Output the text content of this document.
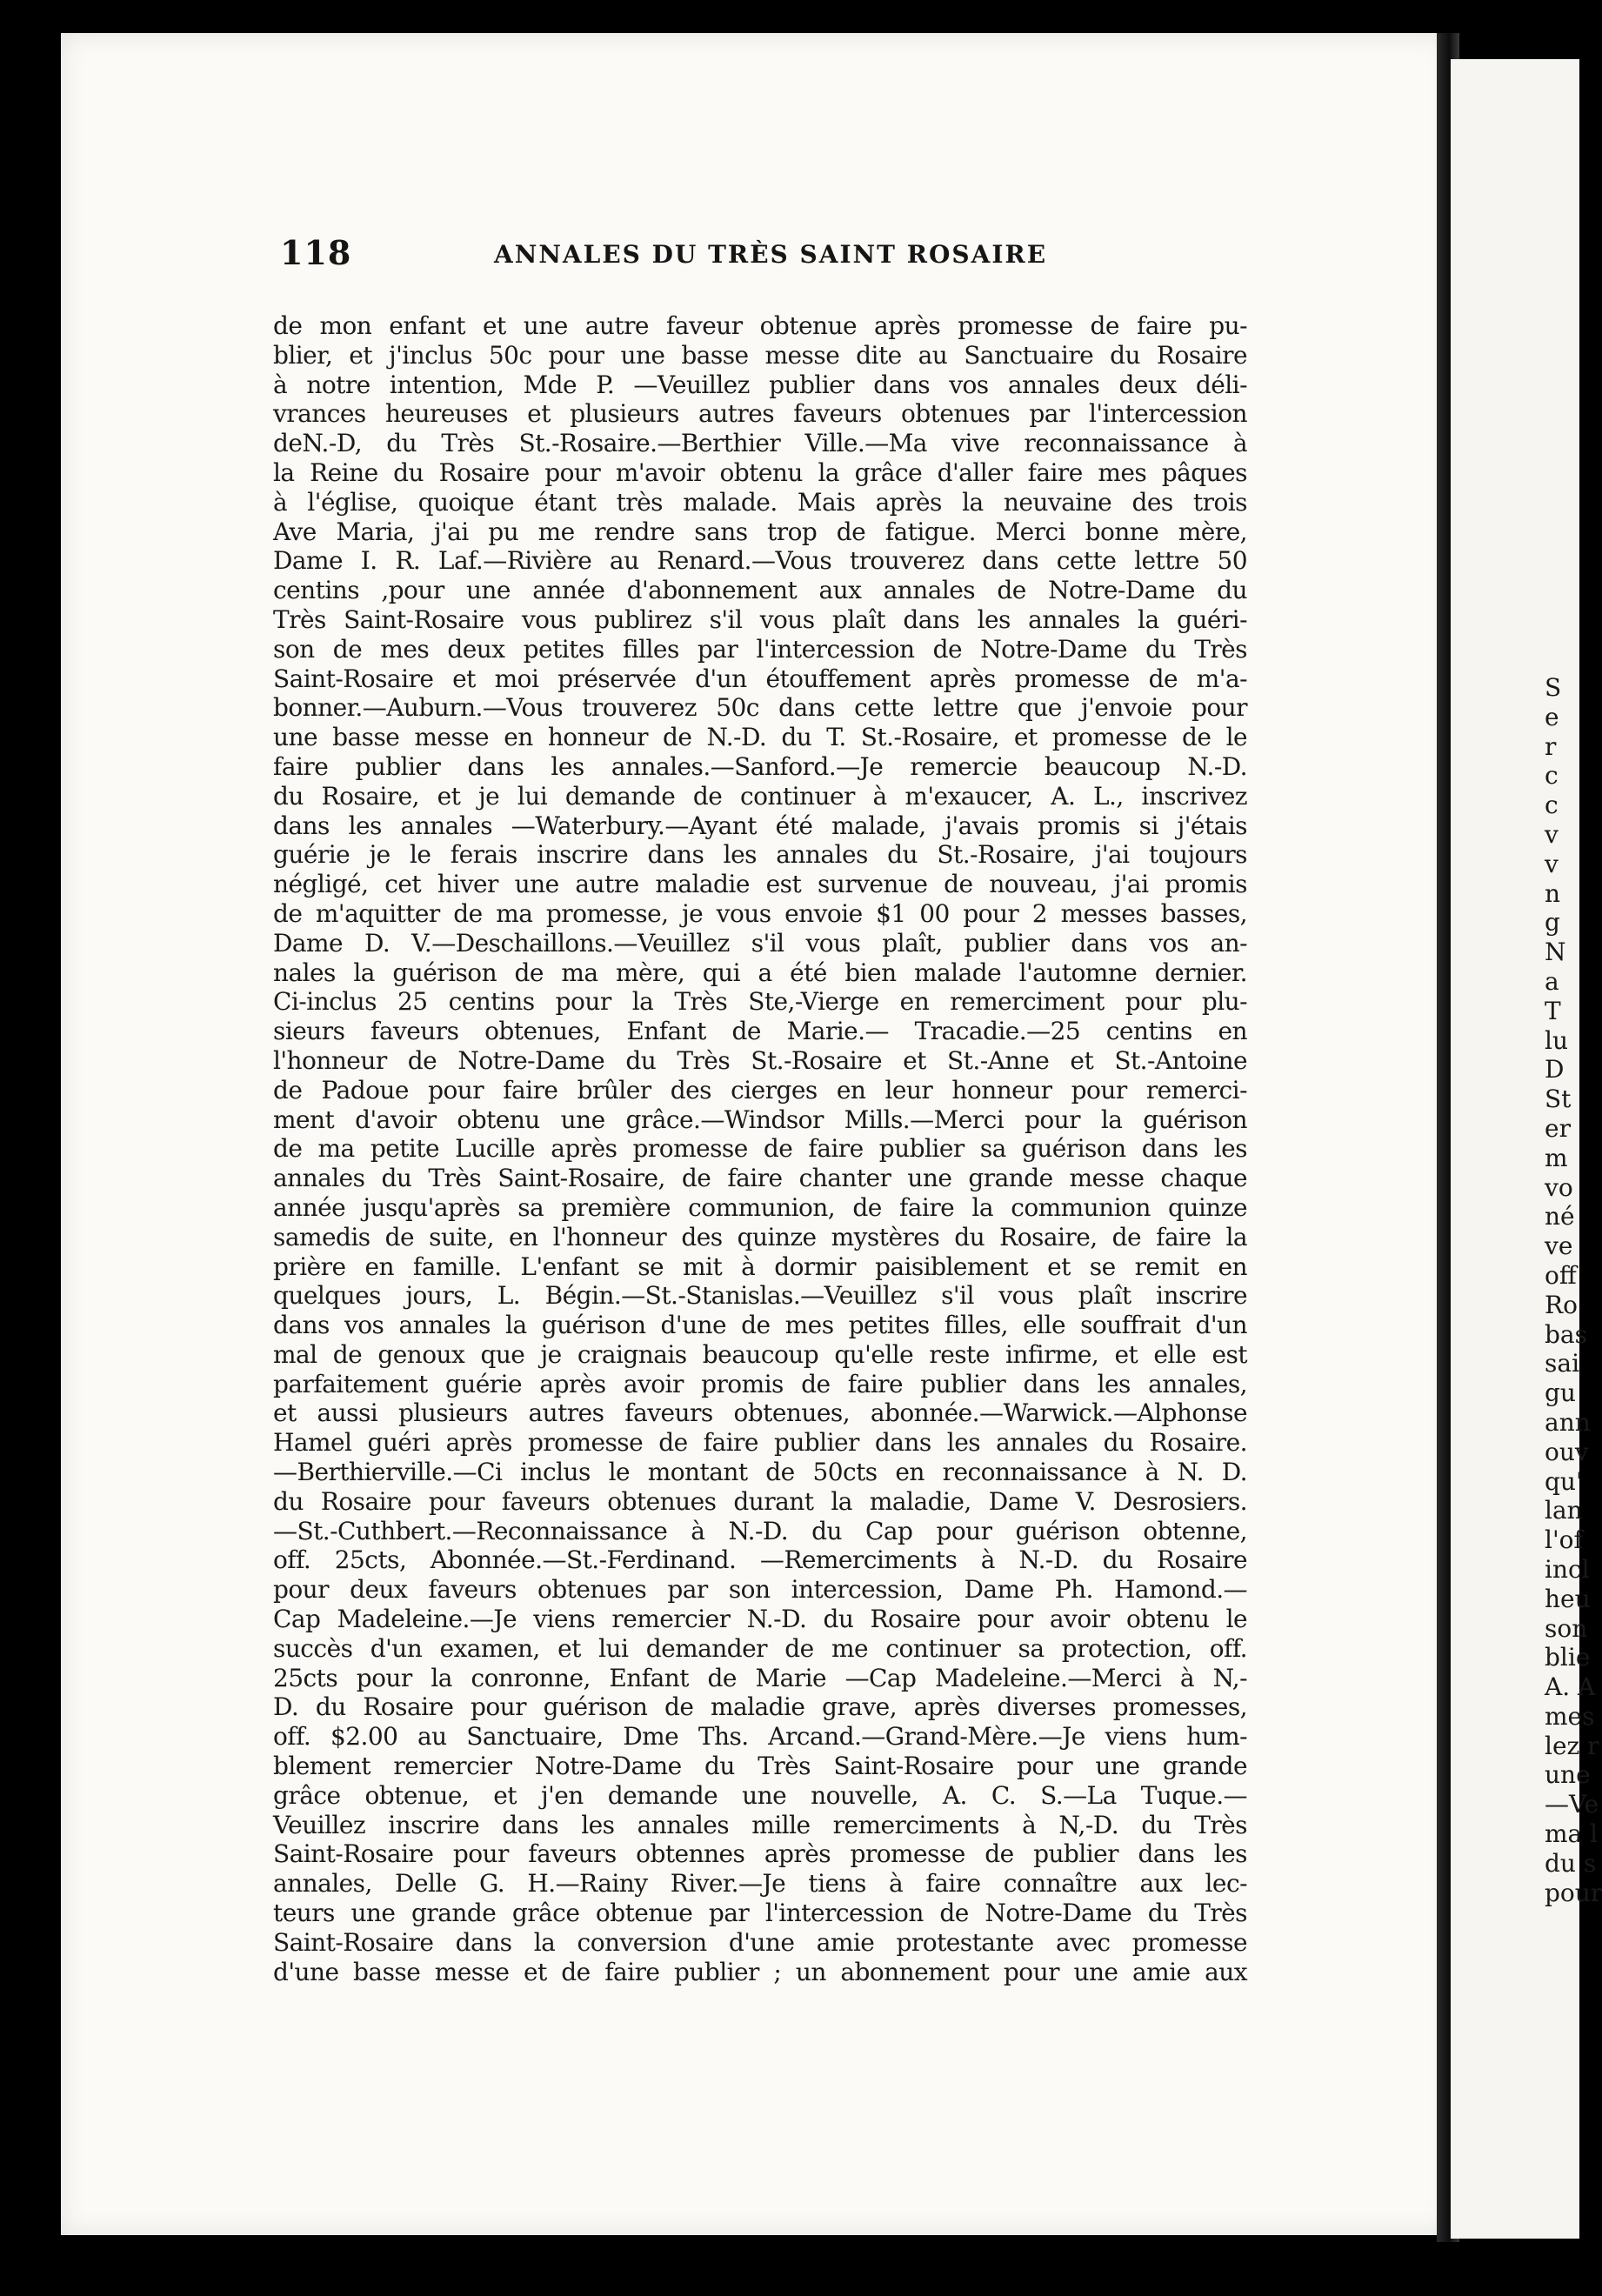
S
e
r
c
c
v
v
n
g
N
a
T
lu
D
St
er
m
vo
né
ve
off
Ro
bas
sai
gu
ann
ouv
qu'
lan
l'of
incl
heu
son
blie
A. A
mes
lez r
une
—Ve
ma l
du s
pour
118	ANNALES DU TRÈS SAINT ROSAIRE
de mon enfant et une autre faveur obtenue après promesse de faire pu-
blier, et j'inclus 50c pour une basse messe dite au Sanctuaire du Rosaire
à notre intention, Mde P. —Veuillez publier dans vos annales deux déli-
vrances heureuses et plusieurs autres faveurs obtenues par l'intercession
deN.-D, du Très St.-Rosaire.—Berthier Ville.—Ma vive reconnaissance à
la Reine du Rosaire pour m'avoir obtenu la grâce d'aller faire mes pâques
à l'église, quoique étant très malade. Mais après la neuvaine des trois
Ave Maria, j'ai pu me rendre sans trop de fatigue. Merci bonne mère,
Dame I. R. Laf.—Rivière au Renard.—Vous trouverez dans cette lettre 50
centins ,pour une année d'abonnement aux annales de Notre-Dame du
Très Saint-Rosaire vous publirez s'il vous plaît dans les annales la guéri-
son de mes deux petites filles par l'intercession de Notre-Dame du Très
Saint-Rosaire et moi préservée d'un étouffement après promesse de m'a-
bonner.—Auburn.—Vous trouverez 50c dans cette lettre que j'envoie pour
une basse messe en honneur de N.-D. du T. St.-Rosaire, et promesse de le
faire publier dans les annales.—Sanford.—Je remercie beaucoup N.-D.
du Rosaire, et je lui demande de continuer à m'exaucer, A. L., inscrivez
dans les annales —Waterbury.—Ayant été malade, j'avais promis si j'étais
guérie je le ferais inscrire dans les annales du St.-Rosaire, j'ai toujours
négligé, cet hiver une autre maladie est survenue de nouveau, j'ai promis
de m'aquitter de ma promesse, je vous envoie $1 00 pour 2 messes basses,
Dame D. V.—Deschaillons.—Veuillez s'il vous plaît, publier dans vos an-
nales la guérison de ma mère, qui a été bien malade l'automne dernier.
Ci-inclus 25 centins pour la Très Ste,-Vierge en remerciment pour plu-
sieurs faveurs obtenues, Enfant de Marie.— Tracadie.—25 centins en
l'honneur de Notre-Dame du Très St.-Rosaire et St.-Anne et St.-Antoine
de Padoue pour faire brûler des cierges en leur honneur pour remerci-
ment d'avoir obtenu une grâce.—Windsor Mills.—Merci pour la guérison
de ma petite Lucille après promesse de faire publier sa guérison dans les
annales du Très Saint-Rosaire, de faire chanter une grande messe chaque
année jusqu'après sa première communion, de faire la communion quinze
samedis de suite, en l'honneur des quinze mystères du Rosaire, de faire la
prière en famille. L'enfant se mit à dormir paisiblement et se remit en
quelques jours, L. Bégin.—St.-Stanislas.—Veuillez s'il vous plaît inscrire
dans vos annales la guérison d'une de mes petites filles, elle souffrait d'un
mal de genoux que je craignais beaucoup qu'elle reste infirme, et elle est
parfaitement guérie après avoir promis de faire publier dans les annales,
et aussi plusieurs autres faveurs obtenues, abonnée.—Warwick.—Alphonse
Hamel guéri après promesse de faire publier dans les annales du Rosaire.
—Berthierville.—Ci inclus le montant de 50cts en reconnaissance à N. D.
du Rosaire pour faveurs obtenues durant la maladie, Dame V. Desrosiers.
—St.-Cuthbert.—Reconnaissance à N.-D. du Cap pour guérison obtenne,
off. 25cts, Abonnée.—St.-Ferdinand. —Remerciments à N.-D. du Rosaire
pour deux faveurs obtenues par son intercession, Dame Ph. Hamond.—
Cap Madeleine.—Je viens remercier N.-D. du Rosaire pour avoir obtenu le
succès d'un examen, et lui demander de me continuer sa protection, off.
25cts pour la conronne, Enfant de Marie —Cap Madeleine.—Merci à N,-
D. du Rosaire pour guérison de maladie grave, après diverses promesses,
off. $2.00 au Sanctuaire, Dme Ths. Arcand.—Grand-Mère.—Je viens hum-
blement remercier Notre-Dame du Très Saint-Rosaire pour une grande
grâce obtenue, et j'en demande une nouvelle, A. C. S.—La Tuque.—
Veuillez inscrire dans les annales mille remerciments à N,-D. du Très
Saint-Rosaire pour faveurs obtennes après promesse de publier dans les
annales, Delle G. H.—Rainy River.—Je tiens à faire connaître aux lec-
teurs une grande grâce obtenue par l'intercession de Notre-Dame du Très
Saint-Rosaire dans la conversion d'une amie protestante avec promesse
d'une basse messe et de faire publier ; un abonnement pour une amie aux
